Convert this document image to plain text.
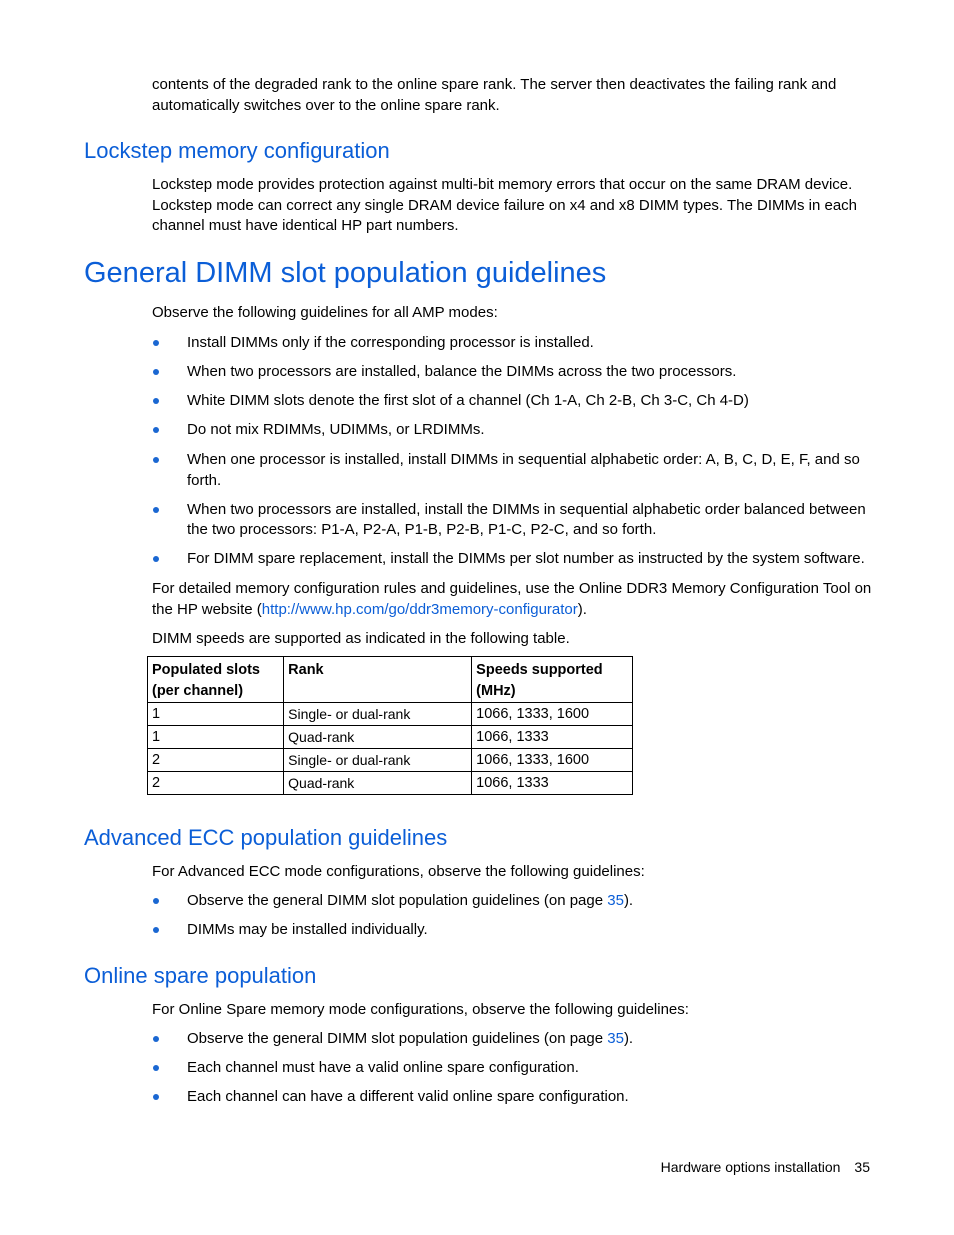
contents of the degraded rank to the online spare rank. The server then deactivates the failing rank and automatically switches over to the online spare rank.

Lockstep memory configuration

Lockstep mode provides protection against multi-bit memory errors that occur on the same DRAM device. Lockstep mode can correct any single DRAM device failure on x4 and x8 DIMM types. The DIMMs in each channel must have identical HP part numbers.

General DIMM slot population guidelines

Observe the following guidelines for all AMP modes:

Install DIMMs only if the corresponding processor is installed.
When two processors are installed, balance the DIMMs across the two processors.
White DIMM slots denote the first slot of a channel (Ch 1-A, Ch 2-B, Ch 3-C, Ch 4-D)
Do not mix RDIMMs, UDIMMs, or LRDIMMs.
When one processor is installed, install DIMMs in sequential alphabetic order: A, B, C, D, E, F, and so forth.
When two processors are installed, install the DIMMs in sequential alphabetic order balanced between the two processors: P1-A, P2-A, P1-B, P2-B, P1-C, P2-C, and so forth.
For DIMM spare replacement, install the DIMMs per slot number as instructed by the system software.

For detailed memory configuration rules and guidelines, use the Online DDR3 Memory Configuration Tool on the HP website (http://www.hp.com/go/ddr3memory-configurator).

DIMM speeds are supported as indicated in the following table.

Populated slots (per channel)	Rank	Speeds supported (MHz)
1	Single- or dual-rank	1066, 1333, 1600
1	Quad-rank	1066, 1333
2	Single- or dual-rank	1066, 1333, 1600
2	Quad-rank	1066, 1333
Advanced ECC population guidelines

For Advanced ECC mode configurations, observe the following guidelines:

Observe the general DIMM slot population guidelines (on page 35).
DIMMs may be installed individually.
Online spare population

For Online Spare memory mode configurations, observe the following guidelines:

Observe the general DIMM slot population guidelines (on page 35).
Each channel must have a valid online spare configuration.
Each channel can have a different valid online spare configuration.
Hardware options installation 35
